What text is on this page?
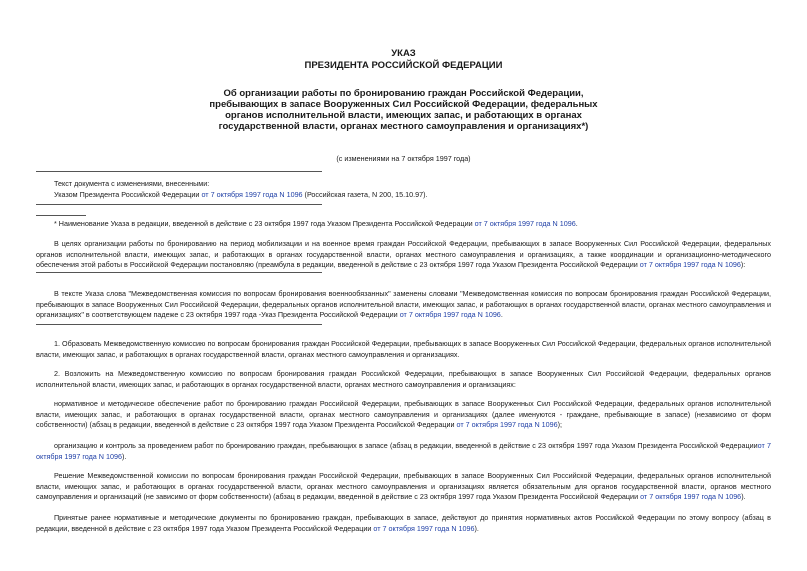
УКАЗ
ПРЕЗИДЕНТА РОССИЙСКОЙ ФЕДЕРАЦИИ
Об организации работы по бронированию граждан Российской Федерации, пребывающих в запасе Вооруженных Сил Российской Федерации, федеральных органов исполнительной власти, имеющих запас, и работающих в органах государственной власти, органах местного самоуправления и организациях*)
(с изменениями на 7 октября 1997 года)
Текст документа с изменениями, внесенными:
Указом Президента Российской Федерации от 7 октября 1997 года N 1096 (Российская газета, N 200, 15.10.97).
* Наименование Указа в редакции, введенной в действие с 23 октября 1997 года Указом Президента Российской Федерации от 7 октября 1997 года N 1096.
В целях организации работы по бронированию на период мобилизации и на военное время граждан Российской Федерации, пребывающих в запасе Вооруженных Сил Российской Федерации, федеральных органов исполнительной власти, имеющих запас, и работающих в органах государственной власти, органах местного самоуправления и организациях, а также координации и организационно-методического обеспечения этой работы в Российской Федерации постановляю (преамбула в редакции, введенной в действие с 23 октября 1997 года Указом Президента Российской Федерации от 7 октября 1997 года N 1096):
В тексте Указа слова "Межведомственная комиссия по вопросам бронирования военнообязанных" заменены словами "Межведомственная комиссия по вопросам бронирования граждан Российской Федерации, пребывающих в запасе Вооруженных Сил Российской Федерации, федеральных органов исполнительной власти, имеющих запас, и работающих в органах государственной власти, органах местного самоуправления и организациях" в соответствующем падеже с 23 октября 1997 года -Указ Президента Российской Федерации от 7 октября 1997 года N 1096.
1. Образовать Межведомственную комиссию по вопросам бронирования граждан Российской Федерации, пребывающих в запасе Вооруженных Сил Российской Федерации, федеральных органов исполнительной власти, имеющих запас, и работающих в органах государственной власти, органах местного самоуправления и организациях.
2. Возложить на Межведомственную комиссию по вопросам бронирования граждан Российской Федерации, пребывающих в запасе Вооруженных Сил Российской Федерации, федеральных органов исполнительной власти, имеющих запас, и работающих в органах государственной власти, органах местного самоуправления и организациях:
нормативное и методическое обеспечение работ по бронированию граждан Российской Федерации, пребывающих в запасе Вооруженных Сил Российской Федерации, федеральных органов исполнительной власти, имеющих запас, и работающих в органах государственной власти, органах местного самоуправления и организациях (далее именуются - граждане, пребывающие в запасе) (независимо от форм собственности) (абзац в редакции, введенной в действие с 23 октября 1997 года Указом Президента Российской Федерации от 7 октября 1997 года N 1096);
организацию и контроль за проведением работ по бронированию граждан, пребывающих в запасе (абзац в редакции, введенной в действие с 23 октября 1997 года Указом Президента Российской Федерацииот 7 октября 1997 года N 1096).
Решение Межведомственной комиссии по вопросам бронирования граждан Российской Федерации, пребывающих в запасе Вооруженных Сил Российской Федерации, федеральных органов исполнительной власти, имеющих запас, и работающих в органах государственной власти, органах местного самоуправления и организациях является обязательным для органов государственной власти, органов местного самоуправления и организаций (не зависимо от форм собственности) (абзац в редакции, введенной в действие с 23 октября 1997 года Указом Президента Российской Федерации от 7 октября 1997 года N 1096).
Принятые ранее нормативные и методические документы по бронированию граждан, пребывающих в запасе, действуют до принятия нормативных актов Российской Федерации по этому вопросу (абзац в редакции, введенной в действие с 23 октября 1997 года Указом Президента Российской Федерации от 7 октября 1997 года N 1096).
